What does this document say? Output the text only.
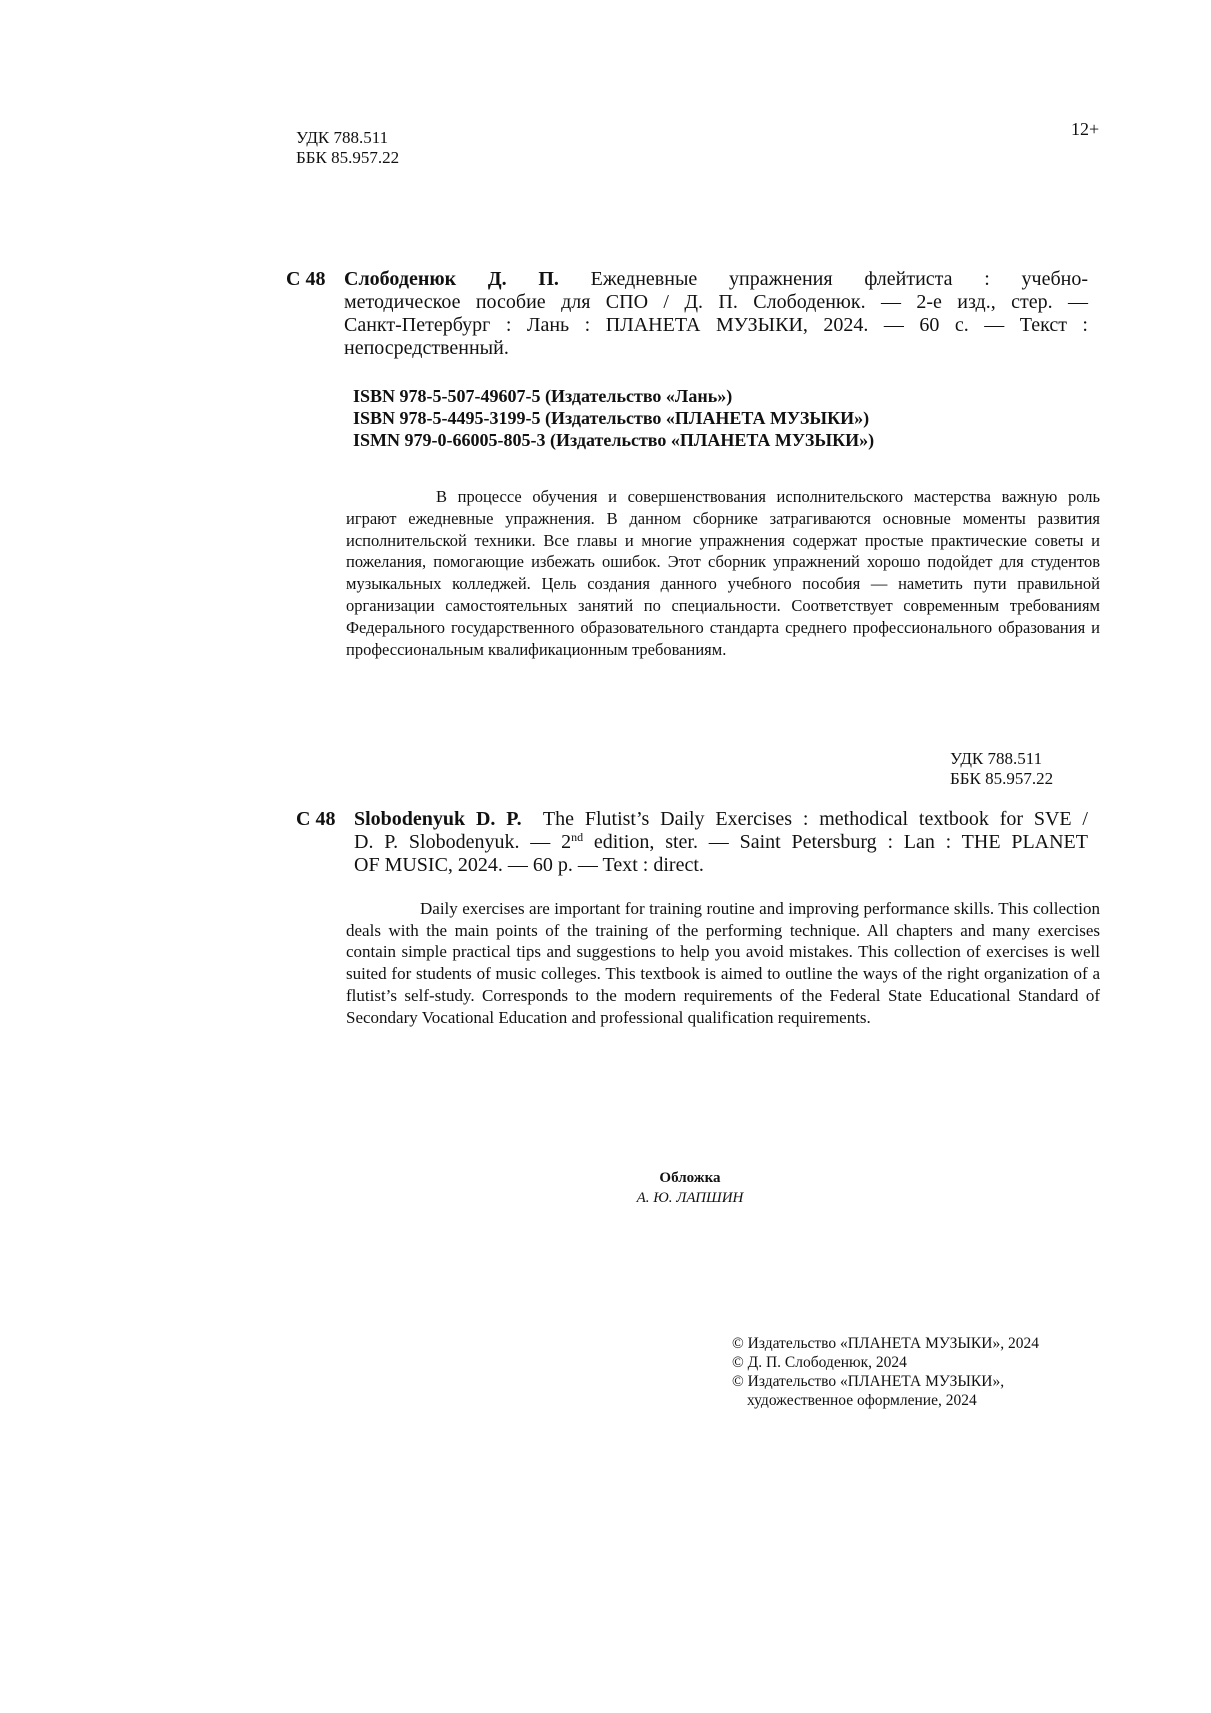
УДК 788.511
ББК 85.957.22
12+
С 48 Слободенюк Д. П. Ежедневные упражнения флейтиста : учебно-
методическое пособие для СПО / Д. П. Слободенюк. — 2-е изд., стер. —
Санкт-Петербург : Лань : ПЛАНЕТА МУЗЫКИ, 2024. — 60 с. — Текст :
непосредственный.
ISBN 978-5-507-49607-5 (Издательство «Лань»)
ISBN 978-5-4495-3199-5 (Издательство «ПЛАНЕТА МУЗЫКИ»)
ISMN 979-0-66005-805-3 (Издательство «ПЛАНЕТА МУЗЫКИ»)

В процессе обучения и совершенствования исполнительского мастерства важную роль играют ежедневные упражнения. В данном сборнике затрагиваются основные моменты развития исполнительской техники. Все главы и многие упражнения содержат простые практические советы и пожелания, помогающие избежать ошибок. Этот сборник упражнений хорошо подойдет для студентов музыкальных колледжей. Цель создания данного учебного пособия — наметить пути правильной организации самостоятельных занятий по специальности. Соответствует современным требованиям Федерального государственного образовательного стандарта среднего профессионального образования и профессиональным квалификационным требованиям.

УДК 788.511
ББК 85.957.22
С 48 Slobodenyuk D. P.  The Flutist’s Daily Exercises : methodical textbook for SVE /
D. P. Slobodenyuk. — 2nd edition, ster. — Saint Petersburg : Lan : THE PLANET
OF MUSIC, 2024. — 60 p. — Text : direct.

Daily exercises are important for training routine and improving performance skills. This collection deals with the main points of the training of the performing technique. All chapters and many exercises contain simple practical tips and suggestions to help you avoid mistakes. This collection of exercises is well suited for students of music colleges. This textbook is aimed to outline the ways of the right organization of a flutist’s self-study. Corresponds to the modern requirements of the Federal State Educational Standard of Secondary Vocational Education and professional qualification requirements.

Обложка
А. Ю. ЛАПШИН
© Издательство «ПЛАНЕТА МУЗЫКИ», 2024
© Д. П. Слободенюк, 2024
© Издательство «ПЛАНЕТА МУЗЫКИ»,
художественное оформление, 2024
